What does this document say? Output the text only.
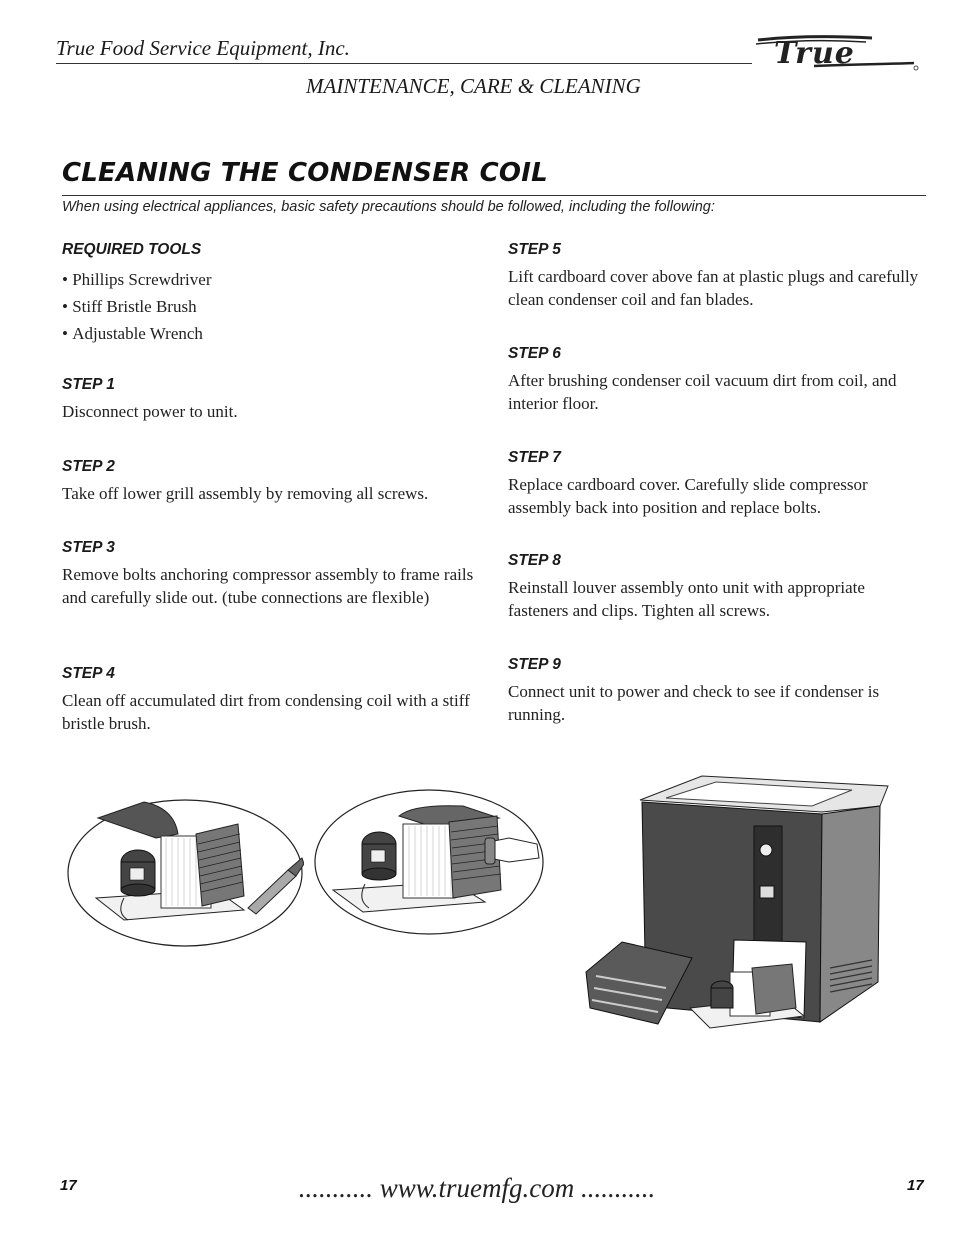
True Food Service Equipment, Inc.
MAINTENANCE, CARE & CLEANING
True
CLEANING THE CONDENSER COIL
When using electrical appliances, basic safety precautions should be followed, including the following:
REQUIRED TOOLS
• Phillips Screwdriver
• Stiff Bristle Brush
• Adjustable Wrench
STEP 1

Disconnect power to unit.

STEP 2

Take off lower grill assembly by removing all screws.

STEP 3

Remove bolts anchoring compressor assembly to frame rails and carefully slide out. (tube connections are flexible)

STEP 4

Clean off accumulated dirt from condensing coil with a stiff bristle brush.

STEP 5

Lift cardboard cover above fan at plastic plugs and carefully clean condenser coil and fan blades.

STEP 6

After brushing condenser coil vacuum dirt from coil, and interior floor.

STEP 7

Replace cardboard cover. Carefully slide compressor assembly back into position and replace bolts.

STEP 8

Reinstall louver assembly onto unit with appropriate fasteners and clips. Tighten all screws.

STEP 9

Connect unit to power and check to see if condenser is running.

17	........... www.truemfg.com ...........	17
